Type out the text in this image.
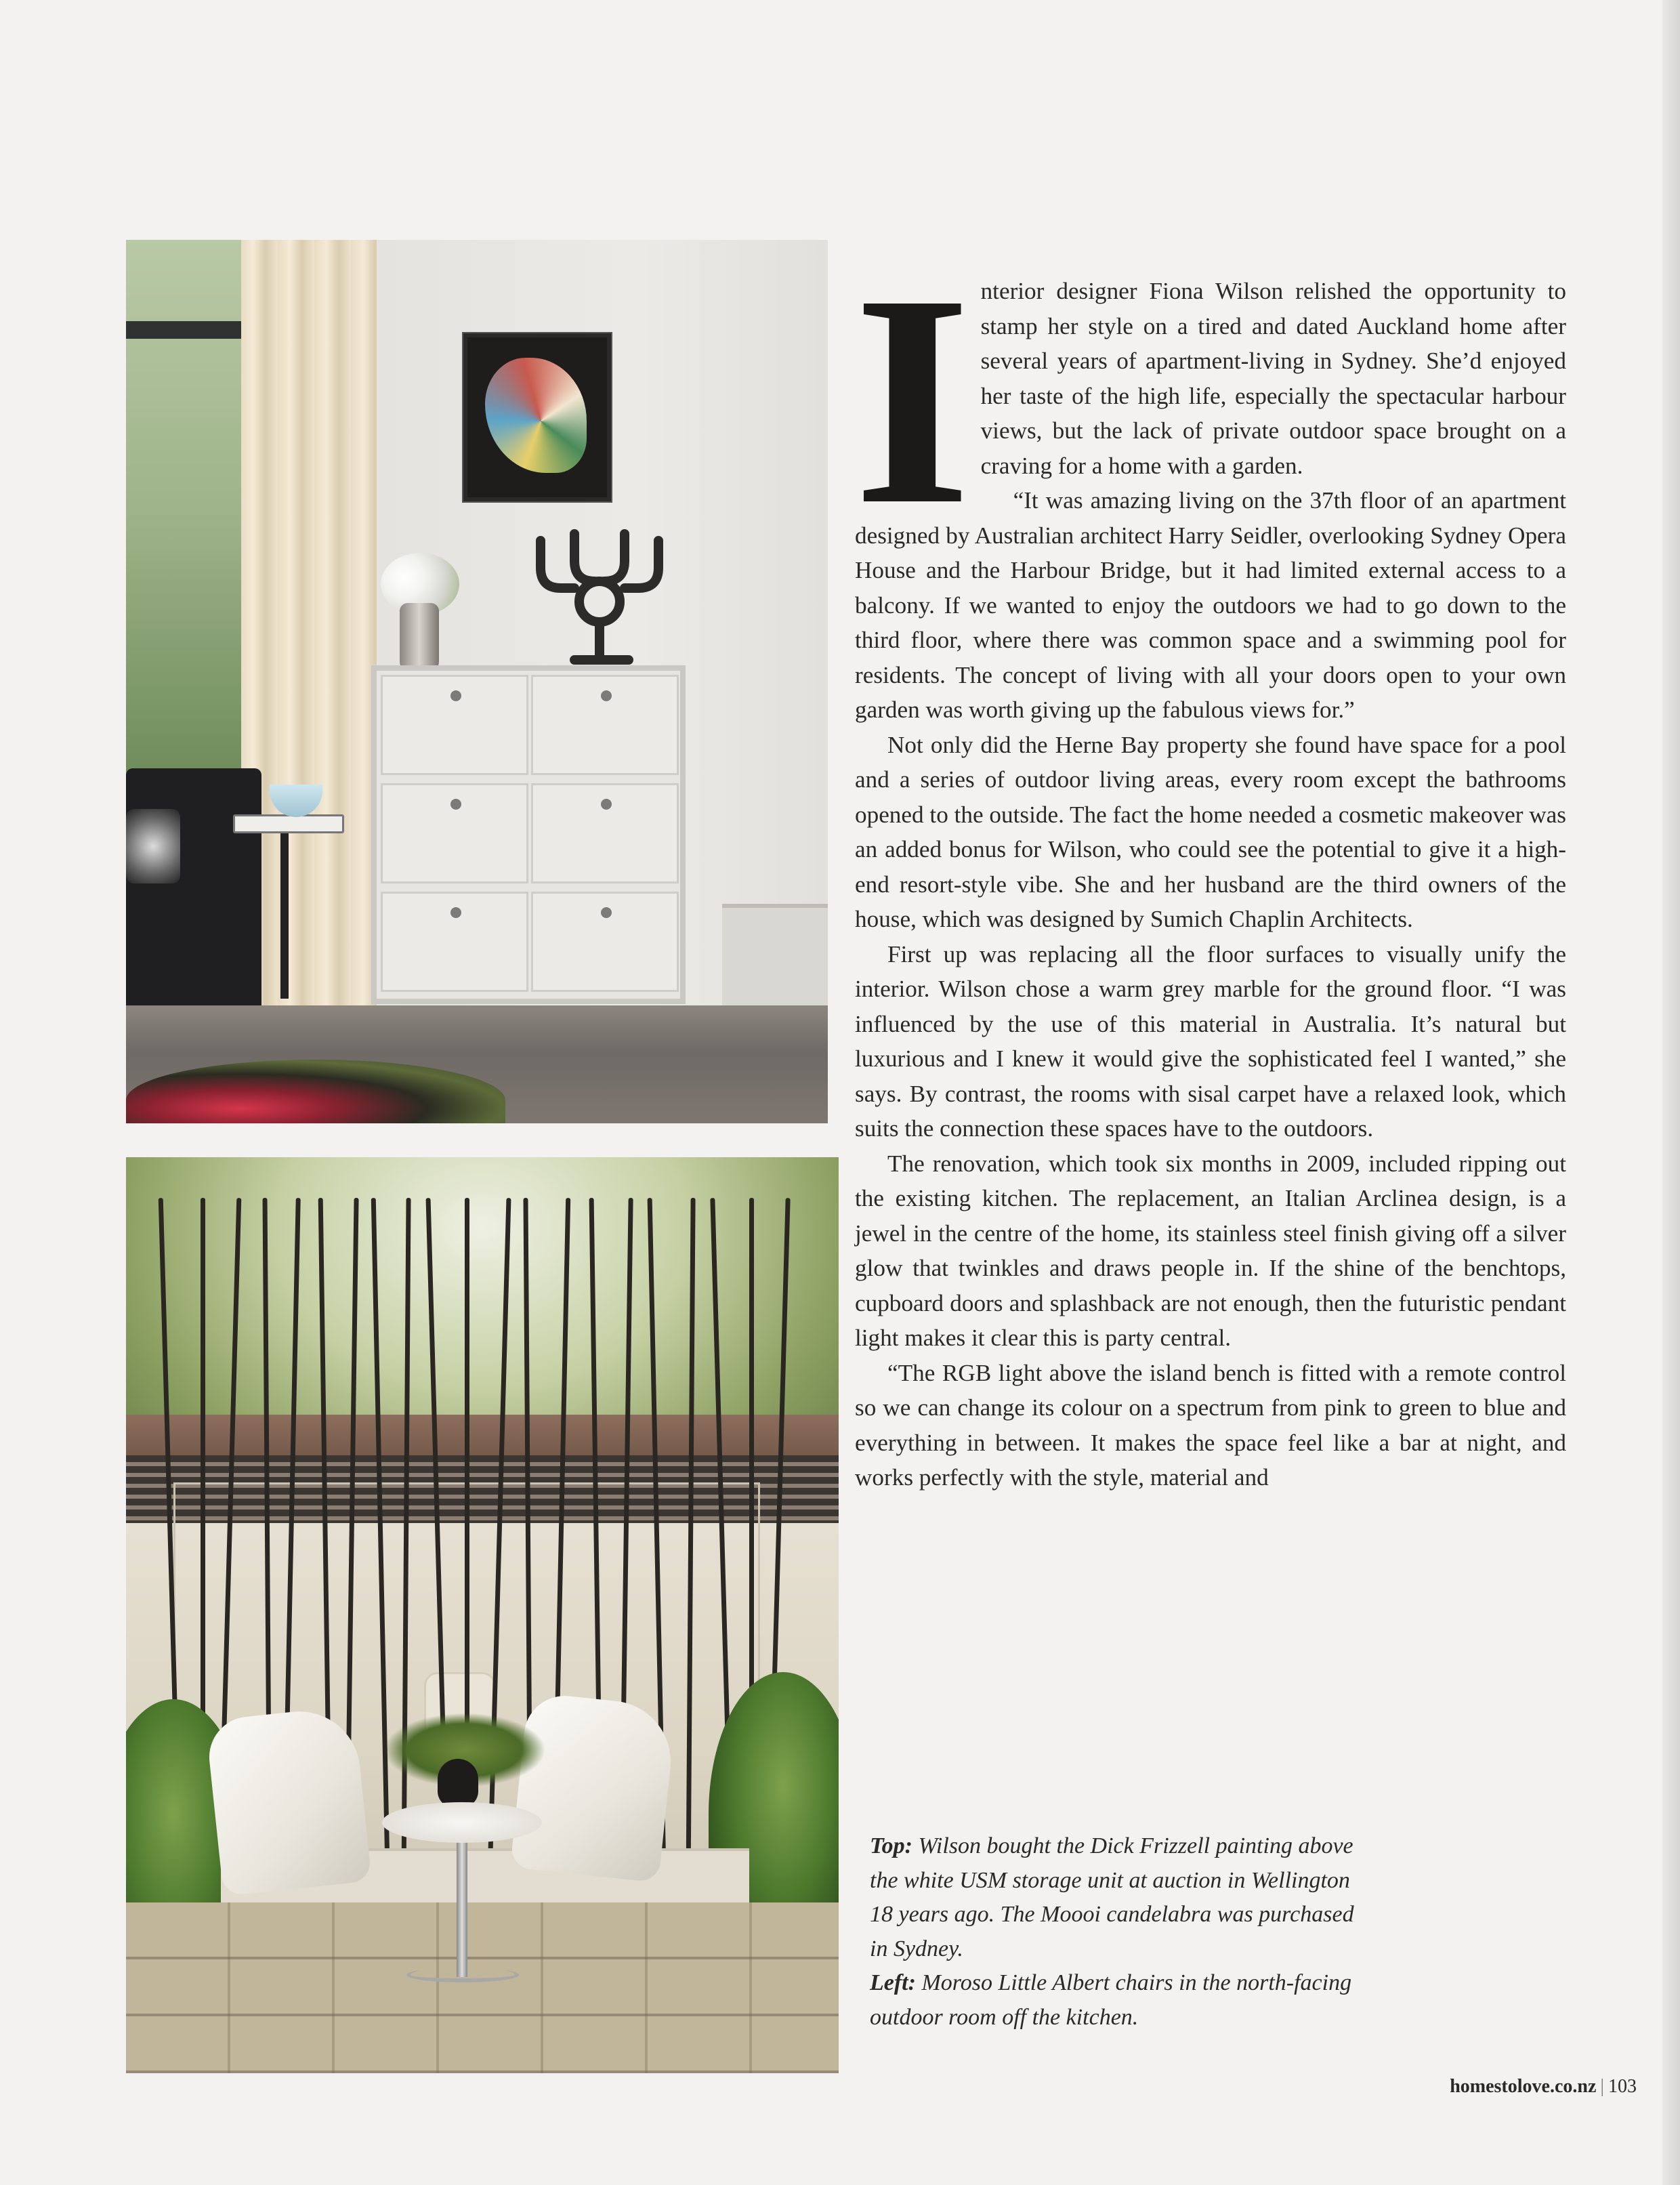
Interior designer Fiona Wilson relished the opportunity to stamp her style on a tired and dated Auckland home after several years of apartment-living in Sydney. She’d enjoyed her taste of the high life, especially the spectacular harbour views, but the lack of private outdoor space brought on a craving for a home with a garden.

“It was amazing living on the 37th floor of an apartment designed by Australian architect Harry Seidler, overlooking Sydney Opera House and the Harbour Bridge, but it had limited external access to a balcony. If we wanted to enjoy the outdoors we had to go down to the third floor, where there was common space and a swimming pool for residents. The concept of living with all your doors open to your own garden was worth giving up the fabulous views for.”

Not only did the Herne Bay property she found have space for a pool and a series of outdoor living areas, every room except the bathrooms opened to the outside. The fact the home needed a cosmetic makeover was an added bonus for Wilson, who could see the potential to give it a high-end resort-style vibe. She and her husband are the third owners of the house, which was designed by Sumich Chaplin Architects.

First up was replacing all the floor surfaces to visually unify the interior. Wilson chose a warm grey marble for the ground floor. “I was influenced by the use of this material in Australia. It’s natural but luxurious and I knew it would give the sophisticated feel I wanted,” she says. By contrast, the rooms with sisal carpet have a relaxed look, which suits the connection these spaces have to the outdoors.

The renovation, which took six months in 2009, included ripping out the existing kitchen. The replacement, an Italian Arclinea design, is a jewel in the centre of the home, its stainless steel finish giving off a silver glow that twinkles and draws people in. If the shine of the benchtops, cupboard doors and splashback are not enough, then the futuristic pendant light makes it clear this is party central.

“The RGB light above the island bench is fitted with a remote control so we can change its colour on a spectrum from pink to green to blue and everything in between. It makes the space feel like a bar at night, and works perfectly with the style, material and

Top: Wilson bought the Dick Frizzell painting above the white USM storage unit at auction in Wellington 18 years ago. The Moooi candelabra was purchased in Sydney.
Left: Moroso Little Albert chairs in the north-facing outdoor room off the kitchen.
homestolove.co.nz | 103
